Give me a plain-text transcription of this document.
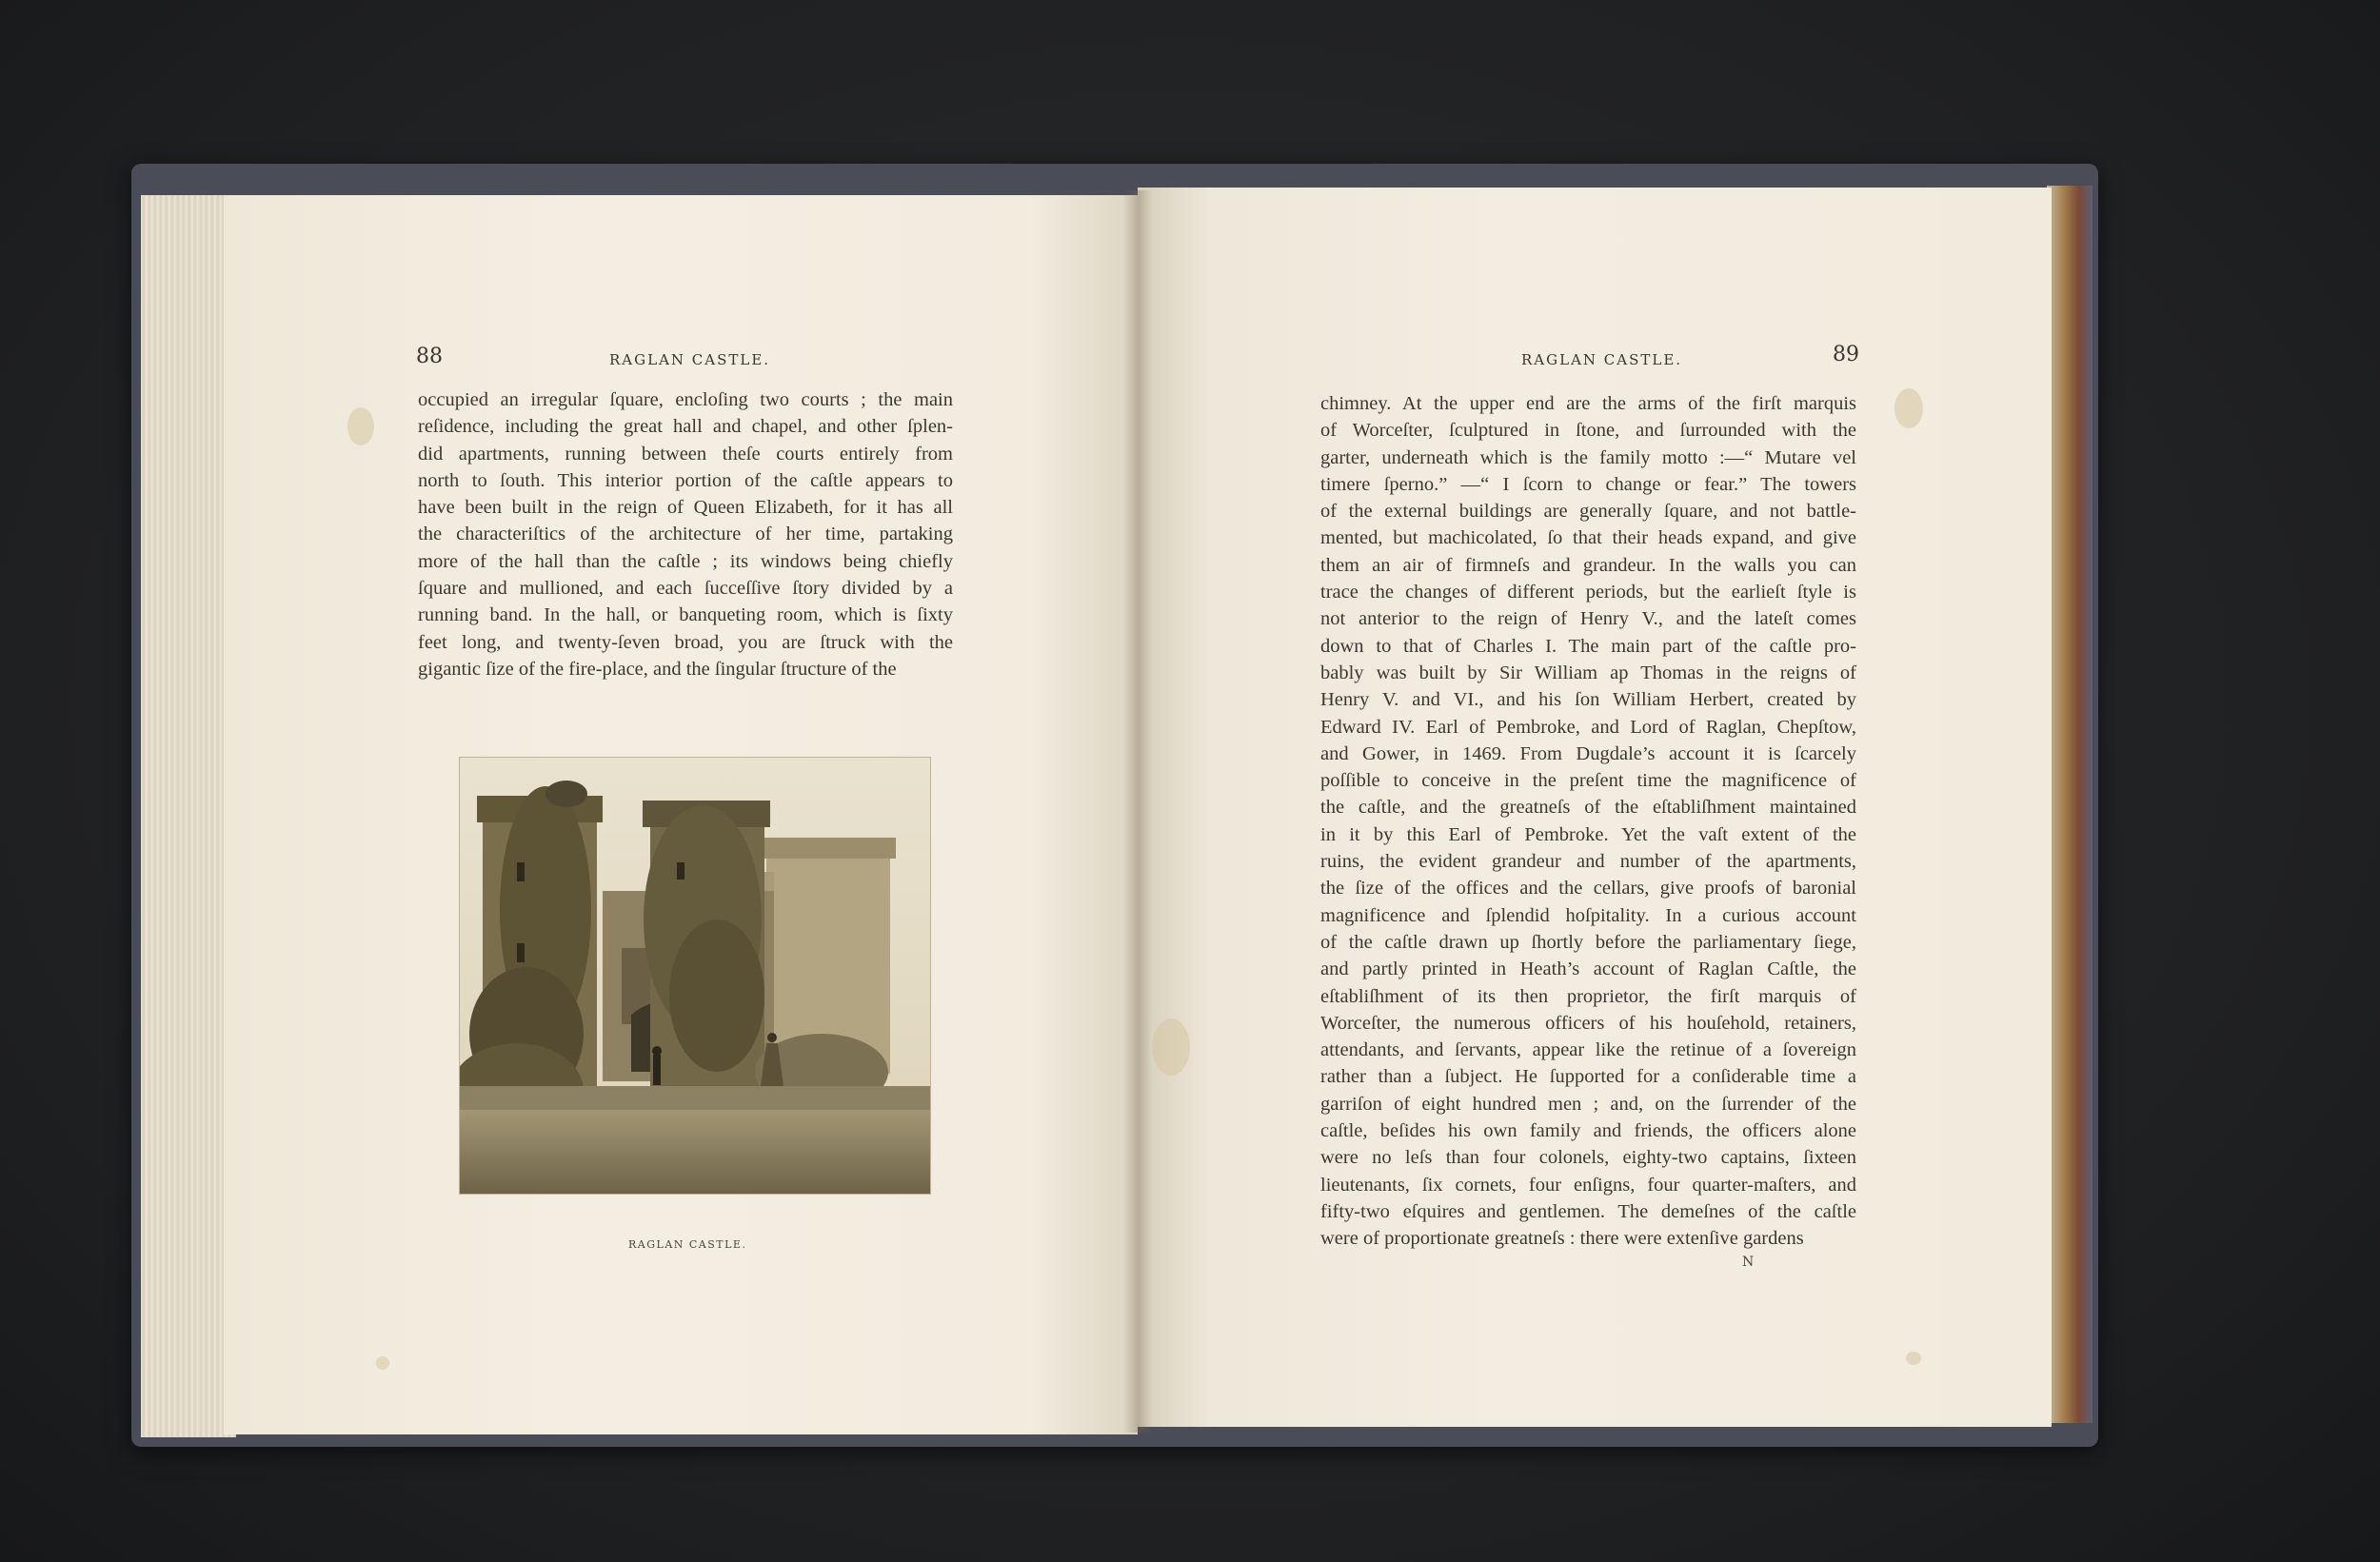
88	RAGLAN CASTLE.
occupied an irregular ſquare, encloſing two courts ; the main
reſidence, including the great hall and chapel, and other ſplen-
did apartments, running between theſe courts entirely from
north to ſouth. This interior portion of the caſtle appears to
have been built in the reign of Queen Elizabeth, for it has all
the characteriſtics of the architecture of her time, partaking
more of the hall than the caſtle ; its windows being chiefly
ſquare and mullioned, and each ſucceſſive ſtory divided by a
running band. In the hall, or banqueting room, which is ſixty
feet long, and twenty-ſeven broad, you are ſtruck with the
gigantic ſize of the fire-place, and the ſingular ſtructure of the
RAGLAN CASTLE.
RAGLAN CASTLE.	89
chimney. At the upper end are the arms of the firſt marquis
of Worceſter, ſculptured in ſtone, and ſurrounded with the
garter, underneath which is the family motto :—“ Mutare vel
timere ſperno.” —“ I ſcorn to change or fear.” The towers
of the external buildings are generally ſquare, and not battle-
mented, but machicolated, ſo that their heads expand, and give
them an air of firmneſs and grandeur. In the walls you can
trace the changes of different periods, but the earlieſt ſtyle is
not anterior to the reign of Henry V., and the lateſt comes
down to that of Charles I. The main part of the caſtle pro-
bably was built by Sir William ap Thomas in the reigns of
Henry V. and VI., and his ſon William Herbert, created by
Edward IV. Earl of Pembroke, and Lord of Raglan, Chepſtow,
and Gower, in 1469. From Dugdale’s account it is ſcarcely
poſſible to conceive in the preſent time the magnificence of
the caſtle, and the greatneſs of the eſtabliſhment maintained
in it by this Earl of Pembroke. Yet the vaſt extent of the
ruins, the evident grandeur and number of the apartments,
the ſize of the offices and the cellars, give proofs of baronial
magnificence and ſplendid hoſpitality. In a curious account
of the caſtle drawn up ſhortly before the parliamentary ſiege,
and partly printed in Heath’s account of Raglan Caſtle, the
eſtabliſhment of its then proprietor, the firſt marquis of
Worceſter, the numerous officers of his houſehold, retainers,
attendants, and ſervants, appear like the retinue of a ſovereign
rather than a ſubject. He ſupported for a conſiderable time a
garriſon of eight hundred men ; and, on the ſurrender of the
caſtle, beſides his own family and friends, the officers alone
were no leſs than four colonels, eighty-two captains, ſixteen
lieutenants, ſix cornets, four enſigns, four quarter-maſters, and
fifty-two eſquires and gentlemen. The demeſnes of the caſtle
were of proportionate greatneſs : there were extenſive gardens
N
